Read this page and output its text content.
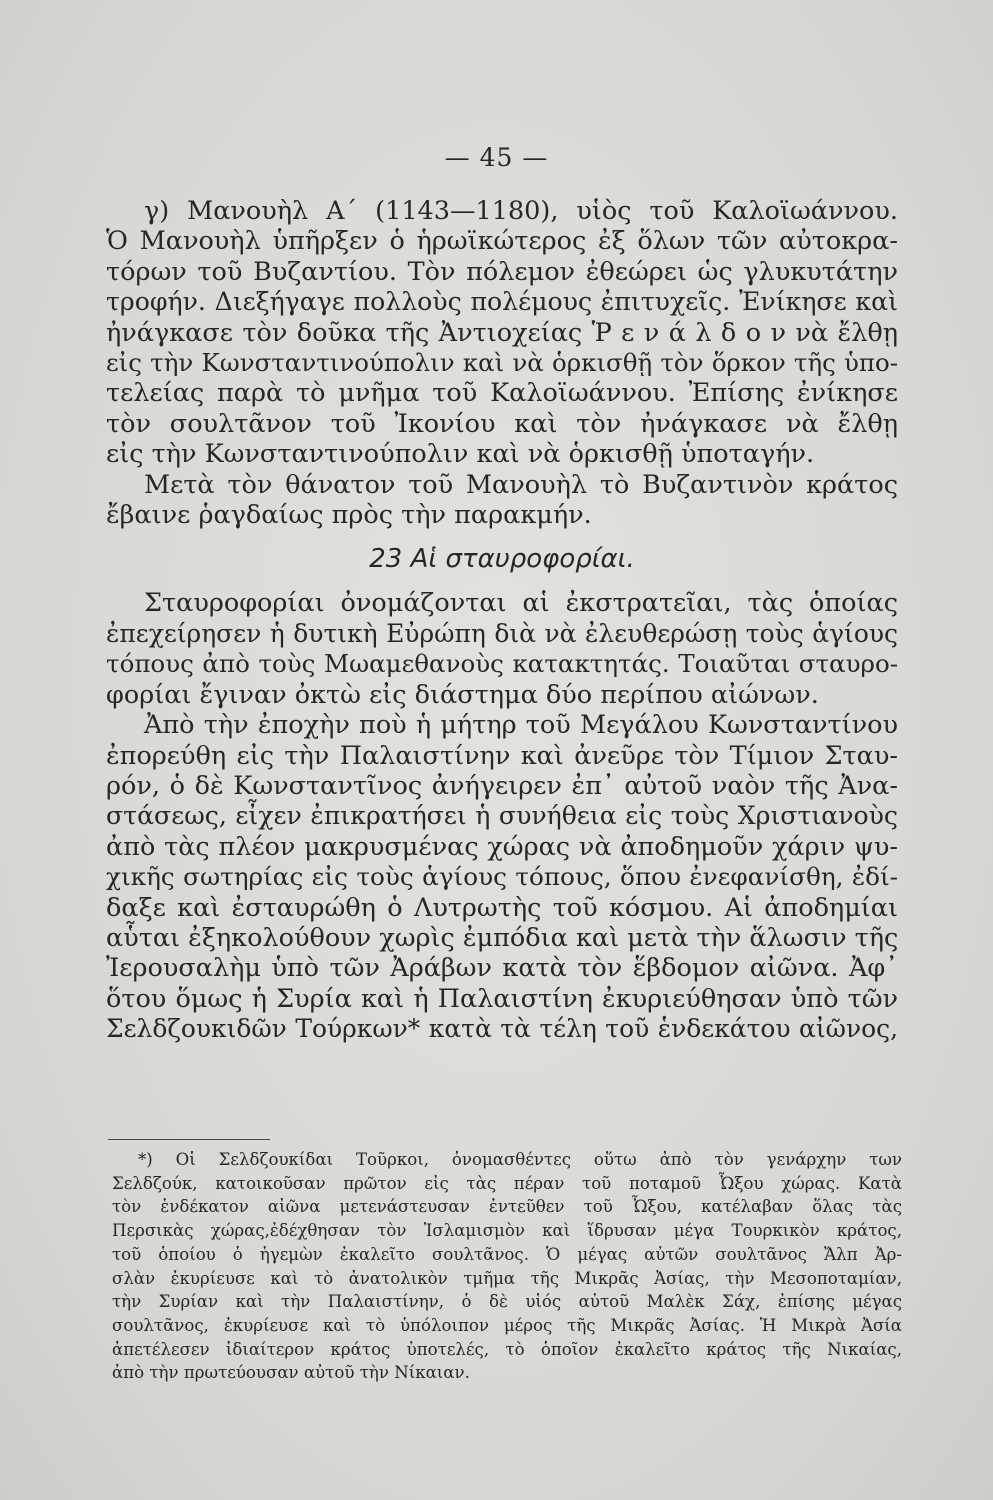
— 45 —
γ) Μανουὴλ Α΄ (1143—1180), υἱὸς τοῦ Καλοϊωάννου.
Ὁ Μανουὴλ ὑπῆρξεν ὁ ἡρωϊκώτερος ἐξ ὅλων τῶν αὐτοκρα-
τόρων τοῦ Βυζαντίου. Τὸν πόλεμον ἐθεώρει ὡς γλυκυτάτην
τροφήν. Διεξήγαγε πολλοὺς πολέμους ἐπιτυχεῖς. Ἐνίκησε καὶ
ἠνάγκασε τὸν δοῦκα τῆς Ἀντιοχείας Ῥ ε ν ά λ δ ο ν νὰ ἔλθῃ
εἰς τὴν Κωνσταντινούπολιν καὶ νὰ ὁρκισθῇ τὸν ὅρκον τῆς ὑπο-
τελείας παρὰ τὸ μνῆμα τοῦ Καλοϊωάννου. Ἐπίσης ἐνίκησε
τὸν σουλτᾶνον τοῦ Ἰκονίου καὶ τὸν ἠνάγκασε νὰ ἔλθῃ
εἰς τὴν Κωνσταντινούπολιν καὶ νὰ ὁρκισθῇ ὑποταγήν.
Μετὰ τὸν θάνατον τοῦ Μανουὴλ τὸ Βυζαντινὸν κράτος
ἔβαινε ῥαγδαίως πρὸς τὴν παρακμήν.
23 Αἱ σταυροφορίαι.
Σταυροφορίαι ὀνομάζονται αἱ ἐκστρατεῖαι, τὰς ὁποίας
ἐπεχείρησεν ἡ δυτικὴ Εὐρώπη διὰ νὰ ἐλευθερώσῃ τοὺς ἁγίους
τόπους ἀπὸ τοὺς Μωαμεθανοὺς κατακτητάς. Τοιαῦται σταυρο-
φορίαι ἔγιναν ὀκτὼ εἰς διάστημα δύο περίπου αἰώνων.
Ἀπὸ τὴν ἐποχὴν ποὺ ἡ μήτηρ τοῦ Μεγάλου Κωνσταντίνου
ἐπορεύθη εἰς τὴν Παλαιστίνην καὶ ἀνεῦρε τὸν Τίμιον Σταυ-
ρόν, ὁ δὲ Κωνσταντῖνος ἀνήγειρεν ἐπ᾽ αὐτοῦ ναὸν τῆς Ἀνα-
στάσεως, εἶχεν ἐπικρατήσει ἡ συνήθεια εἰς τοὺς Χριστιανοὺς
ἀπὸ τὰς πλέον μακρυσμένας χώρας νὰ ἀποδημοῦν χάριν ψυ-
χικῆς σωτηρίας εἰς τοὺς ἁγίους τόπους, ὅπου ἐνεφανίσθη, ἐδί-
δαξε καὶ ἐσταυρώθη ὁ Λυτρωτὴς τοῦ κόσμου. Αἱ ἀποδημίαι
αὗται ἐξηκολούθουν χωρὶς ἐμπόδια καὶ μετὰ τὴν ἅλωσιν τῆς
Ἰερουσαλὴμ ὑπὸ τῶν Ἀράβων κατὰ τὸν ἕβδομον αἰῶνα. Ἀφ᾽
ὅτου ὅμως ἡ Συρία καὶ ἡ Παλαιστίνη ἐκυριεύθησαν ὑπὸ τῶν
Σελδζουκιδῶν Τούρκων* κατὰ τὰ τέλη τοῦ ἑνδεκάτου αἰῶνος,
*) Οἱ Σελδζουκίδαι Τοῦρκοι, ὀνομασθέντες οὕτω ἀπὸ τὸν γενάρχην των
Σελδζούκ, κατοικοῦσαν πρῶτον εἰς τὰς πέραν τοῦ ποταμοῦ Ὦξου χώρας. Κατὰ
τὸν ἑνδέκατον αἰῶνα μετενάστευσαν ἐντεῦθεν τοῦ Ὦξου, κατέλαβαν ὅλας τὰς
Περσικὰς χώρας,ἐδέχθησαν τὸν Ἰσλαμισμὸν καὶ ἵδρυσαν μέγα Τουρκικὸν κράτος,
τοῦ ὁποίου ὁ ἡγεμὼν ἐκαλεῖτο σουλτᾶνος. Ὁ μέγας αὐτῶν σουλτᾶνος Ἄλπ Ἀρ-
σλὰν ἐκυρίευσε καὶ τὸ ἀνατολικὸν τμῆμα τῆς Μικρᾶς Ἀσίας, τὴν Μεσοποταμίαν,
τὴν Συρίαν καὶ τὴν Παλαιστίνην, ὁ δὲ υἱός αὐτοῦ Μαλὲκ Σάχ, ἐπίσης μέγας
σουλτᾶνος, ἐκυρίευσε καὶ τὸ ὑπόλοιπον μέρος τῆς Μικρᾶς Ἀσίας. Ἡ Μικρὰ Ἀσία
ἀπετέλεσεν ἰδιαίτερον κράτος ὑποτελές, τὸ ὁποῖον ἐκαλεῖτο κράτος τῆς Νικαίας,
ἀπὸ τὴν πρωτεύουσαν αὐτοῦ τὴν Νίκαιαν.
